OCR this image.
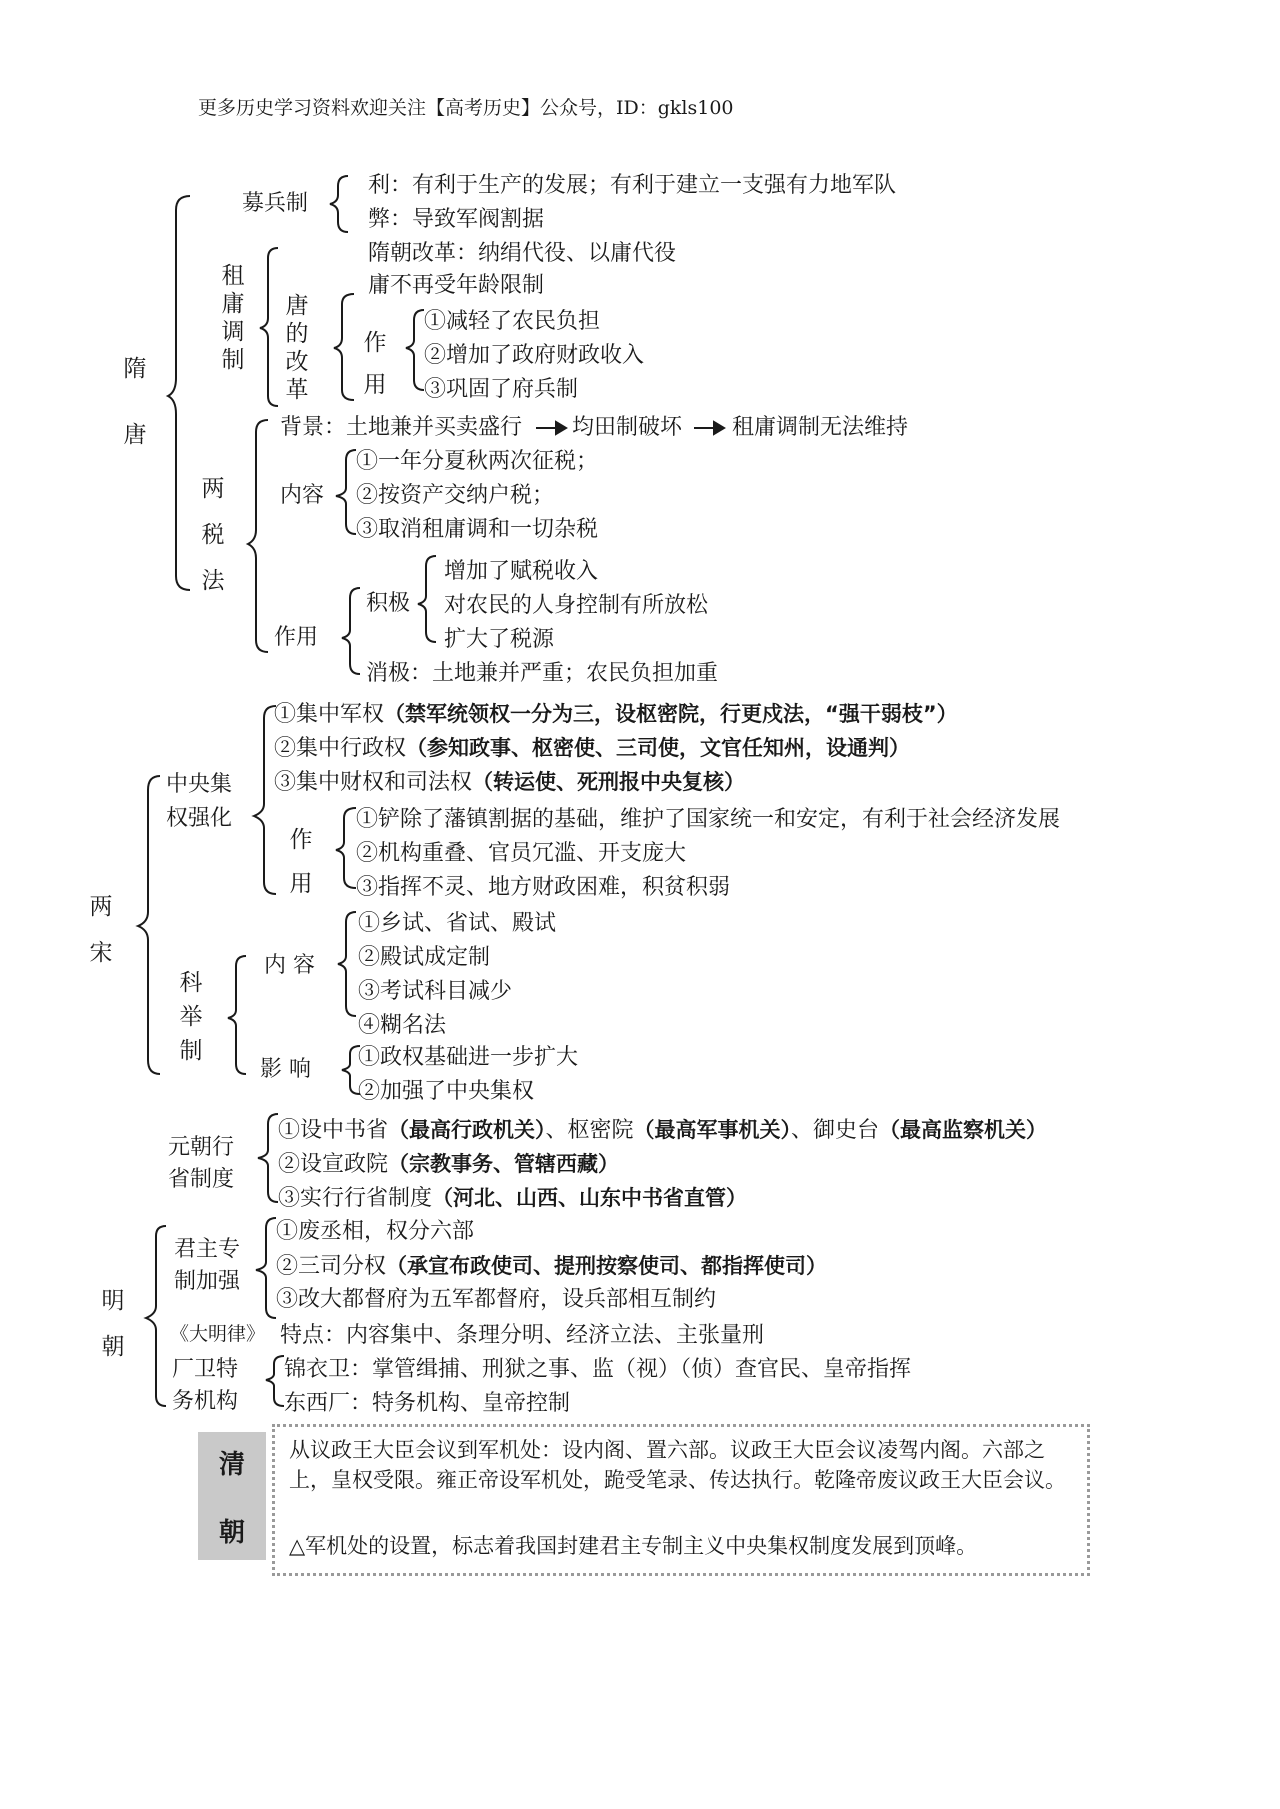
更多历史学习资料欢迎关注【高考历史】公众号，ID：gkls100
隋
唐
募兵制
利：有利于生产的发展；有利于建立一支强有力地军队
弊：导致军阀割据
租
庸
调
制
隋朝改革：纳绢代役、以庸代役
唐
的
改
革
庸不再受年龄限制
作
用
①减轻了农民负担
②增加了政府财政收入
③巩固了府兵制
两
税
法
背景：土地兼并买卖盛行 均田制破坏 租庸调制无法维持
内容
①一年分夏秋两次征税；
②按资产交纳户税；
③取消租庸调和一切杂税
作用
积极
增加了赋税收入
对农民的人身控制有所放松
扩大了税源
消极：土地兼并严重；农民负担加重
两
宋
中央集
权强化
①集中军权（禁军统领权一分为三，设枢密院，行更戍法，“强干弱枝”）
②集中行政权（参知政事、枢密使、三司使，文官任知州，设通判）
③集中财权和司法权（转运使、死刑报中央复核）
作
用
①铲除了藩镇割据的基础，维护了国家统一和安定，有利于社会经济发展
②机构重叠、官员冗滥、开支庞大
③指挥不灵、地方财政困难，积贫积弱
科
举
制
内 容
①乡试、省试、殿试
②殿试成定制
③考试科目减少
④糊名法
影 响 ①政权基础进一步扩大
②加强了中央集权
元朝行
省制度
①设中书省（最高行政机关）、枢密院（最高军事机关）、御史台（最高监察机关）
②设宣政院（宗教事务、管辖西藏）
③实行行省制度（河北、山西、山东中书省直管）
明
朝
君主专
制加强
①废丞相，权分六部
②三司分权（承宣布政使司、提刑按察使司、都指挥使司）
③改大都督府为五军都督府，设兵部相互制约
《大明律》 特点：内容集中、条理分明、经济立法、主张量刑
厂卫特
务机构
锦衣卫：掌管缉捕、刑狱之事、监（视）（侦）查官民、皇帝指挥
东西厂：特务机构、皇帝控制
清
朝

从议政王大臣会议到军机处：设内阁、置六部。议政王大臣会议凌驾内阁。六部之上，皇权受限。雍正帝设军机处，跪受笔录、传达执行。乾隆帝废议政王大臣会议。

△军机处的设置，标志着我国封建君主专制主义中央集权制度发展到顶峰。
